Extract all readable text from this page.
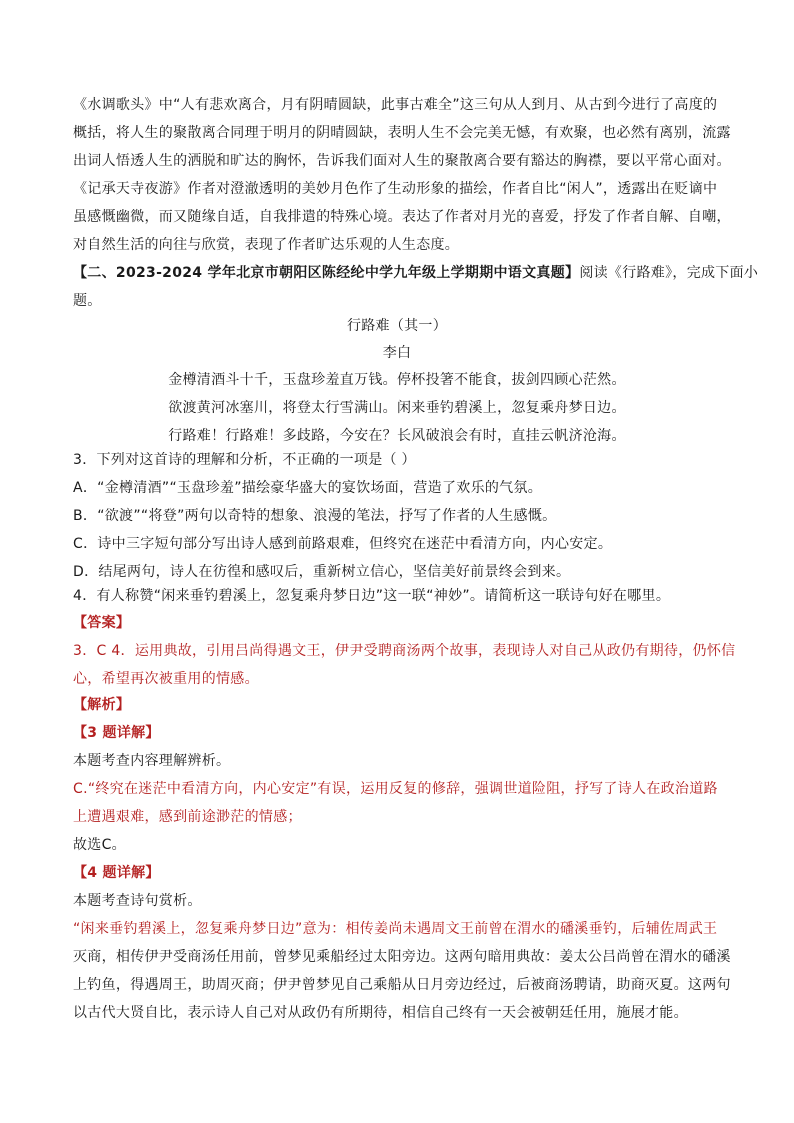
《水调歌头》中“人有悲欢离合，月有阴晴圆缺，此事古难全”这三句从人到月、从古到今进行了高度的
概括，将人生的聚散离合同理于明月的阴晴圆缺，表明人生不会完美无憾，有欢聚，也必然有离别，流露
出词人悟透人生的洒脱和旷达的胸怀，告诉我们面对人生的聚散离合要有豁达的胸襟，要以平常心面对。
《记承天寺夜游》作者对澄澈透明的美妙月色作了生动形象的描绘，作者自比“闲人”，透露出在贬谪中
虽感慨幽微，而又随缘自适，自我排遣的特殊心境。表达了作者对月光的喜爱，抒发了作者自解、自嘲，
对自然生活的向往与欣赏，表现了作者旷达乐观的人生态度。
【二、2023-2024 学年北京市朝阳区陈经纶中学九年级上学期期中语文真题】阅读《行路难》，完成下面小
题。
行路难（其一）
李白
金樽清酒斗十千，玉盘珍羞直万钱。停杯投箸不能食，拔剑四顾心茫然。
欲渡黄河冰塞川，将登太行雪满山。闲来垂钓碧溪上，忽复乘舟梦日边。
行路难！行路难！多歧路，今安在？长风破浪会有时，直挂云帆济沧海。
3．下列对这首诗的理解和分析，不正确的一项是（ ）
A．“金樽清酒”“玉盘珍羞”描绘豪华盛大的宴饮场面，营造了欢乐的气氛。
B．“欲渡”“将登”两句以奇特的想象、浪漫的笔法，抒写了作者的人生感慨。
C．诗中三字短句部分写出诗人感到前路艰难，但终究在迷茫中看清方向，内心安定。
D．结尾两句，诗人在彷徨和感叹后，重新树立信心，坚信美好前景终会到来。
4．有人称赞“闲来垂钓碧溪上，忽复乘舟梦日边”这一联“神妙”。请简析这一联诗句好在哪里。
【答案】
3．C 4．运用典故，引用吕尚得遇文王，伊尹受聘商汤两个故事，表现诗人对自己从政仍有期待，仍怀信
心，希望再次被重用的情感。
【解析】
【3 题详解】
本题考查内容理解辨析。
C.“终究在迷茫中看清方向，内心安定”有误，运用反复的修辞，强调世道险阻，抒写了诗人在政治道路
上遭遇艰难，感到前途渺茫的情感；
故选C。
【4 题详解】
本题考查诗句赏析。
“闲来垂钓碧溪上，忽复乘舟梦日边”意为：相传姜尚未遇周文王前曾在渭水的磻溪垂钓，后辅佐周武王
灭商，相传伊尹受商汤任用前，曾梦见乘船经过太阳旁边。这两句暗用典故：姜太公吕尚曾在渭水的磻溪
上钓鱼，得遇周王，助周灭商；伊尹曾梦见自己乘船从日月旁边经过，后被商汤聘请，助商灭夏。这两句
以古代大贤自比，表示诗人自己对从政仍有所期待，相信自己终有一天会被朝廷任用，施展才能。
